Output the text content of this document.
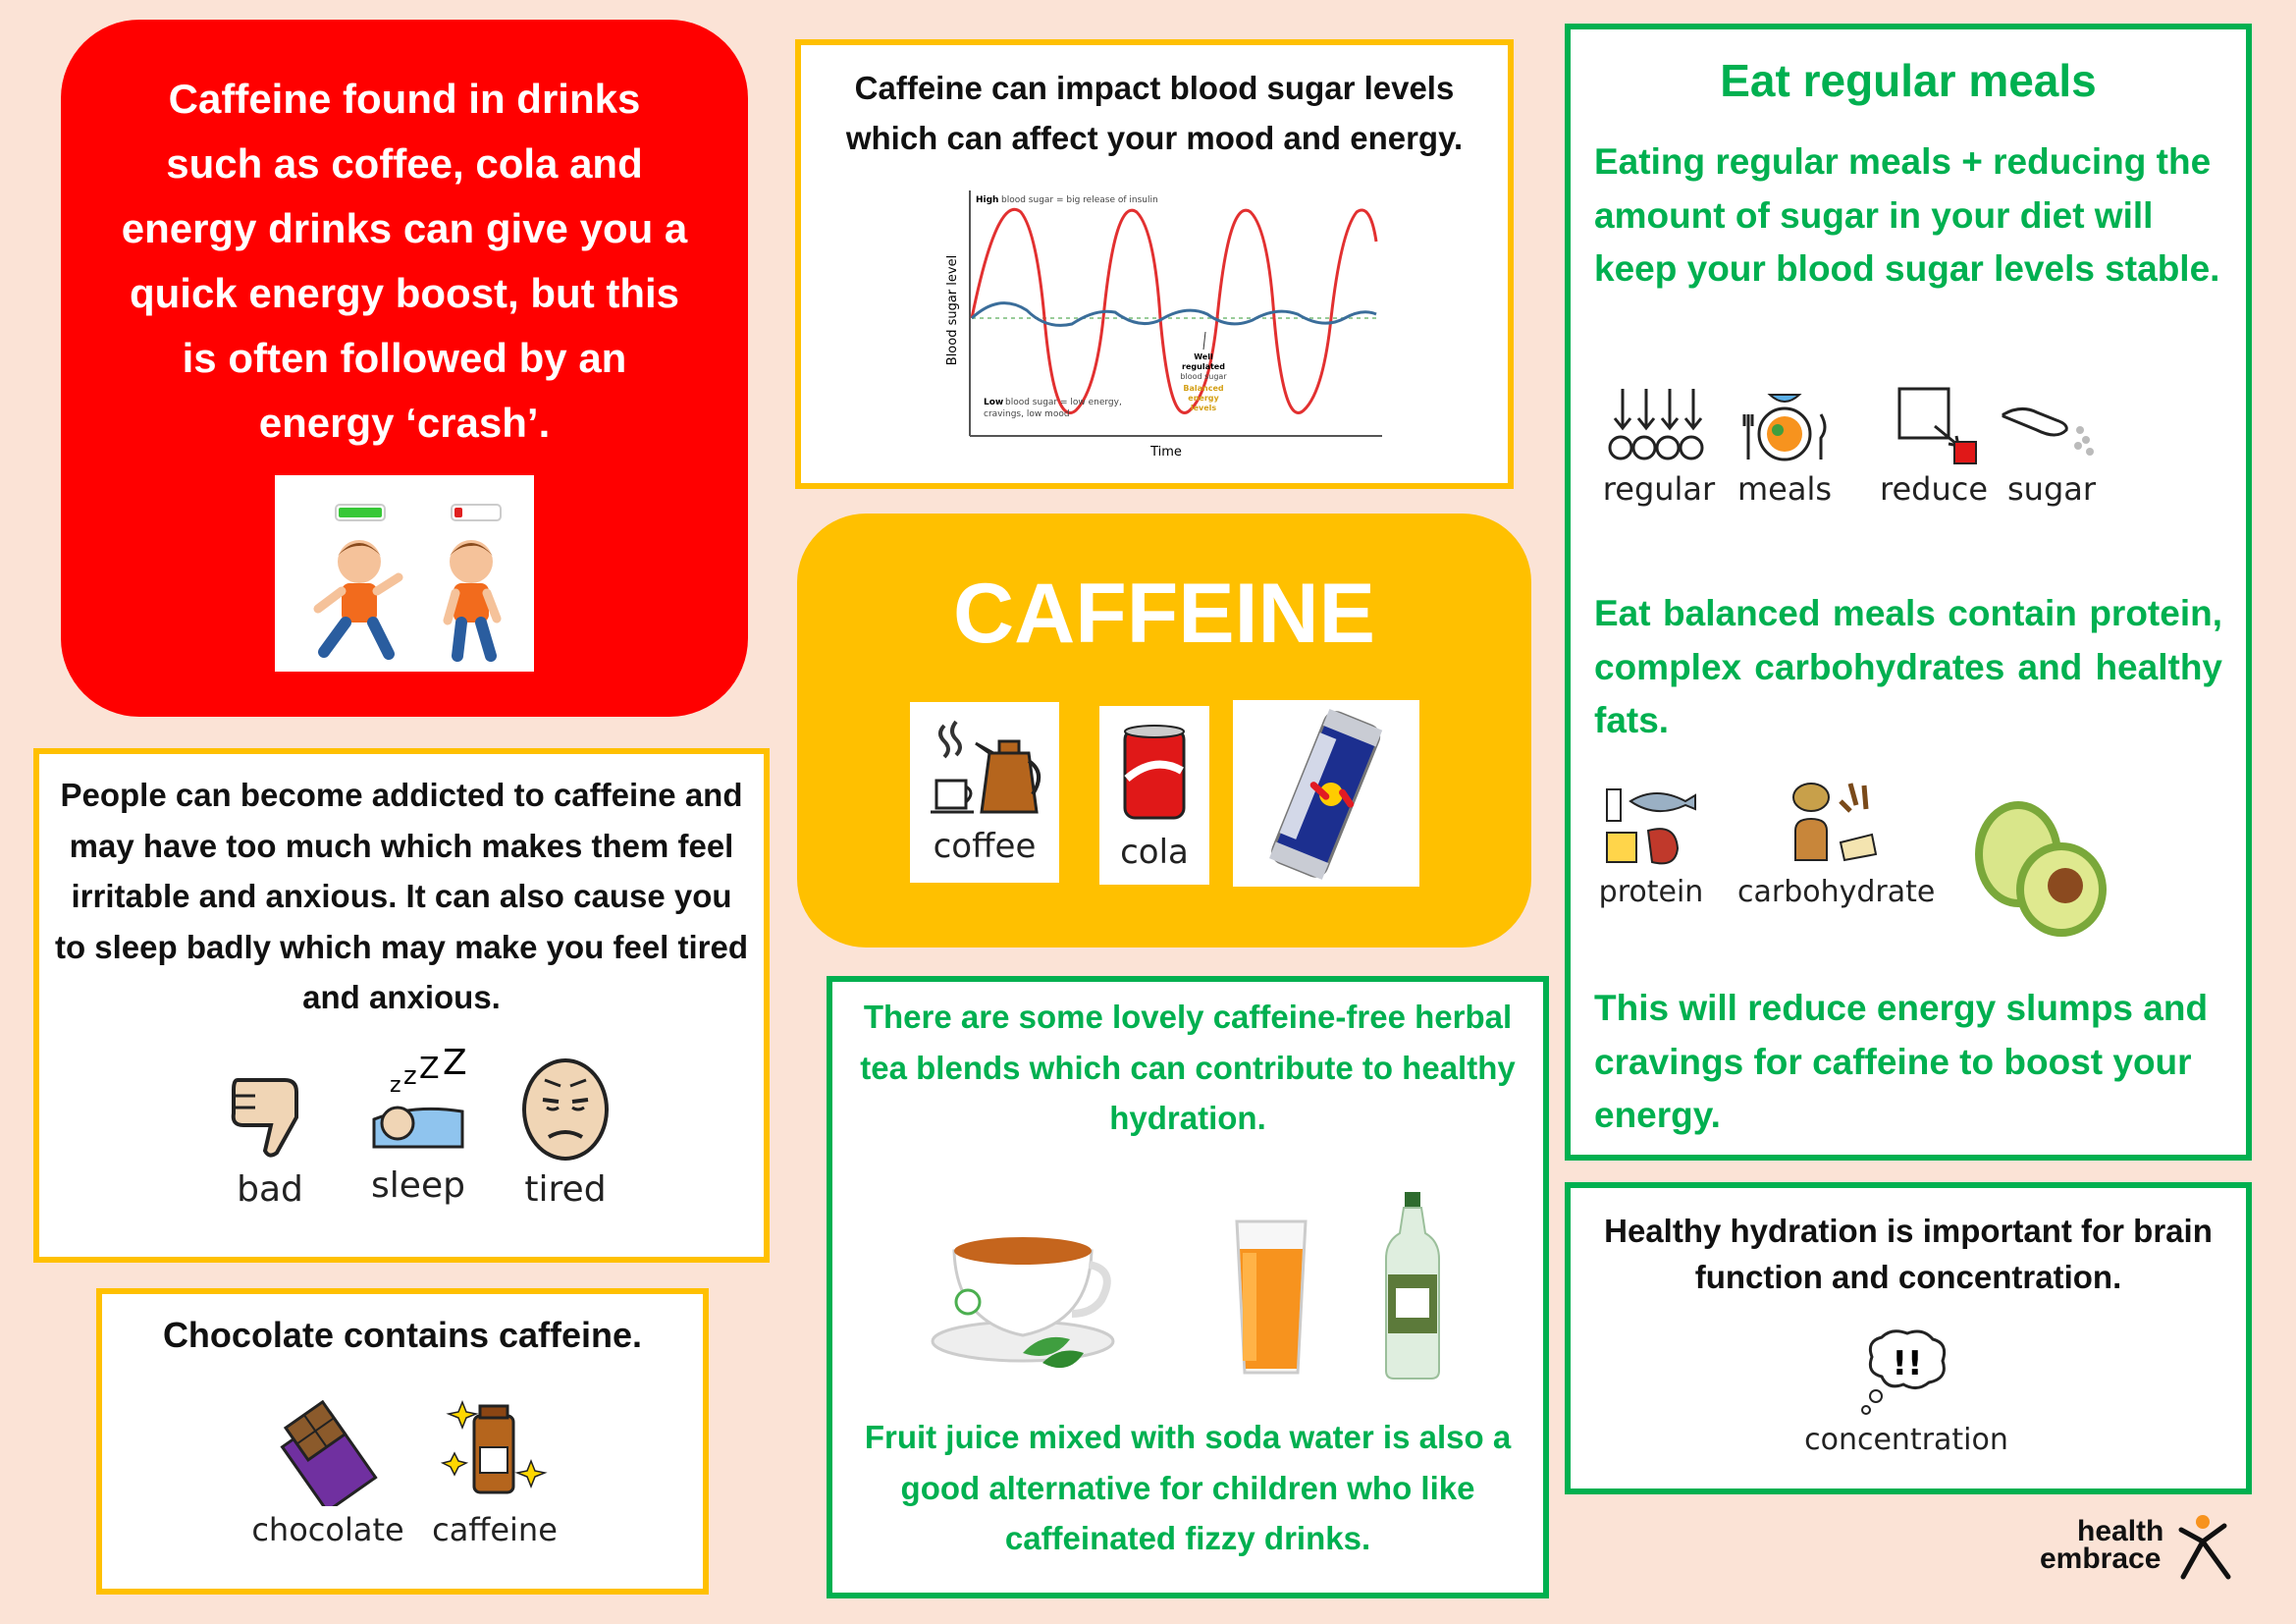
Caffeine found in drinks such as coffee, cola and energy drinks can give you a quick energy boost, but this is often followed by an energy ‘crash’.
Caffeine can impact blood sugar levels which can affect your mood and energy.
High blood sugar = big release of insulin
Low blood sugar = low energy,
cravings, low mood
Well
regulated
blood sugar
Balanced
energy
levels
Blood sugar level
Time
CAFFEINE
coffee	cola
People can become addicted to caffeine and may have too much which makes them feel irritable and anxious. It can also cause you to sleep badly which may make you feel tired and anxious.
bad
z z Z Z
sleep	tired
Chocolate contains caffeine.
chocolate caffeine
There are some lovely caffeine-free herbal tea blends which can contribute to healthy hydration.
Fruit juice mixed with soda water is also a good alternative for children who like caffeinated fizzy drinks.
Eat regular meals
Eating regular meals + reducing the amount of sugar in your diet will keep your blood sugar levels stable.
regular meals	reduce sugar
Eat balanced meals contain protein, complex carbohydrates and healthy fats.
protein carbohydrate
This will reduce energy slumps and cravings for caffeine to boost your energy.
Healthy hydration is important for brain function and concentration.
!!
concentration
health
embrace
